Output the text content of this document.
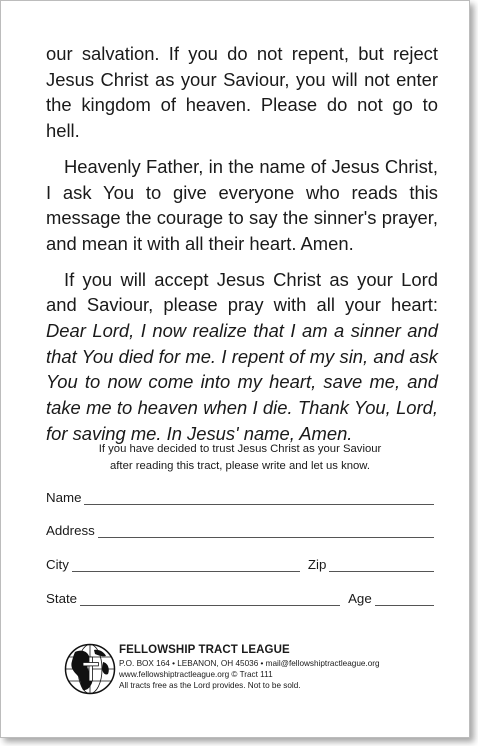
our salvation. If you do not repent, but reject Jesus Christ as your Saviour, you will not enter the kingdom of heaven. Please do not go to hell.

Heavenly Father, in the name of Jesus Christ, I ask You to give everyone who reads this message the courage to say the sinner's prayer, and mean it with all their heart. Amen.

If you will accept Jesus Christ as your Lord and Saviour, please pray with all your heart: Dear Lord, I now realize that I am a sinner and that You died for me. I repent of my sin, and ask You to now come into my heart, save me, and take me to heaven when I die. Thank You, Lord, for saving me. In Jesus' name, Amen.

If you have decided to trust Jesus Christ as your Saviour
after reading this tract, please write and let us know.
Name
Address
City	Zip
State	Age
FELLOWSHIP TRACT LEAGUE
P.O. BOX 164 • LEBANON, OH 45036 • mail@fellowshiptractleague.org
www.fellowshiptractleague.org © Tract 111
All tracts free as the Lord provides. Not to be sold.
